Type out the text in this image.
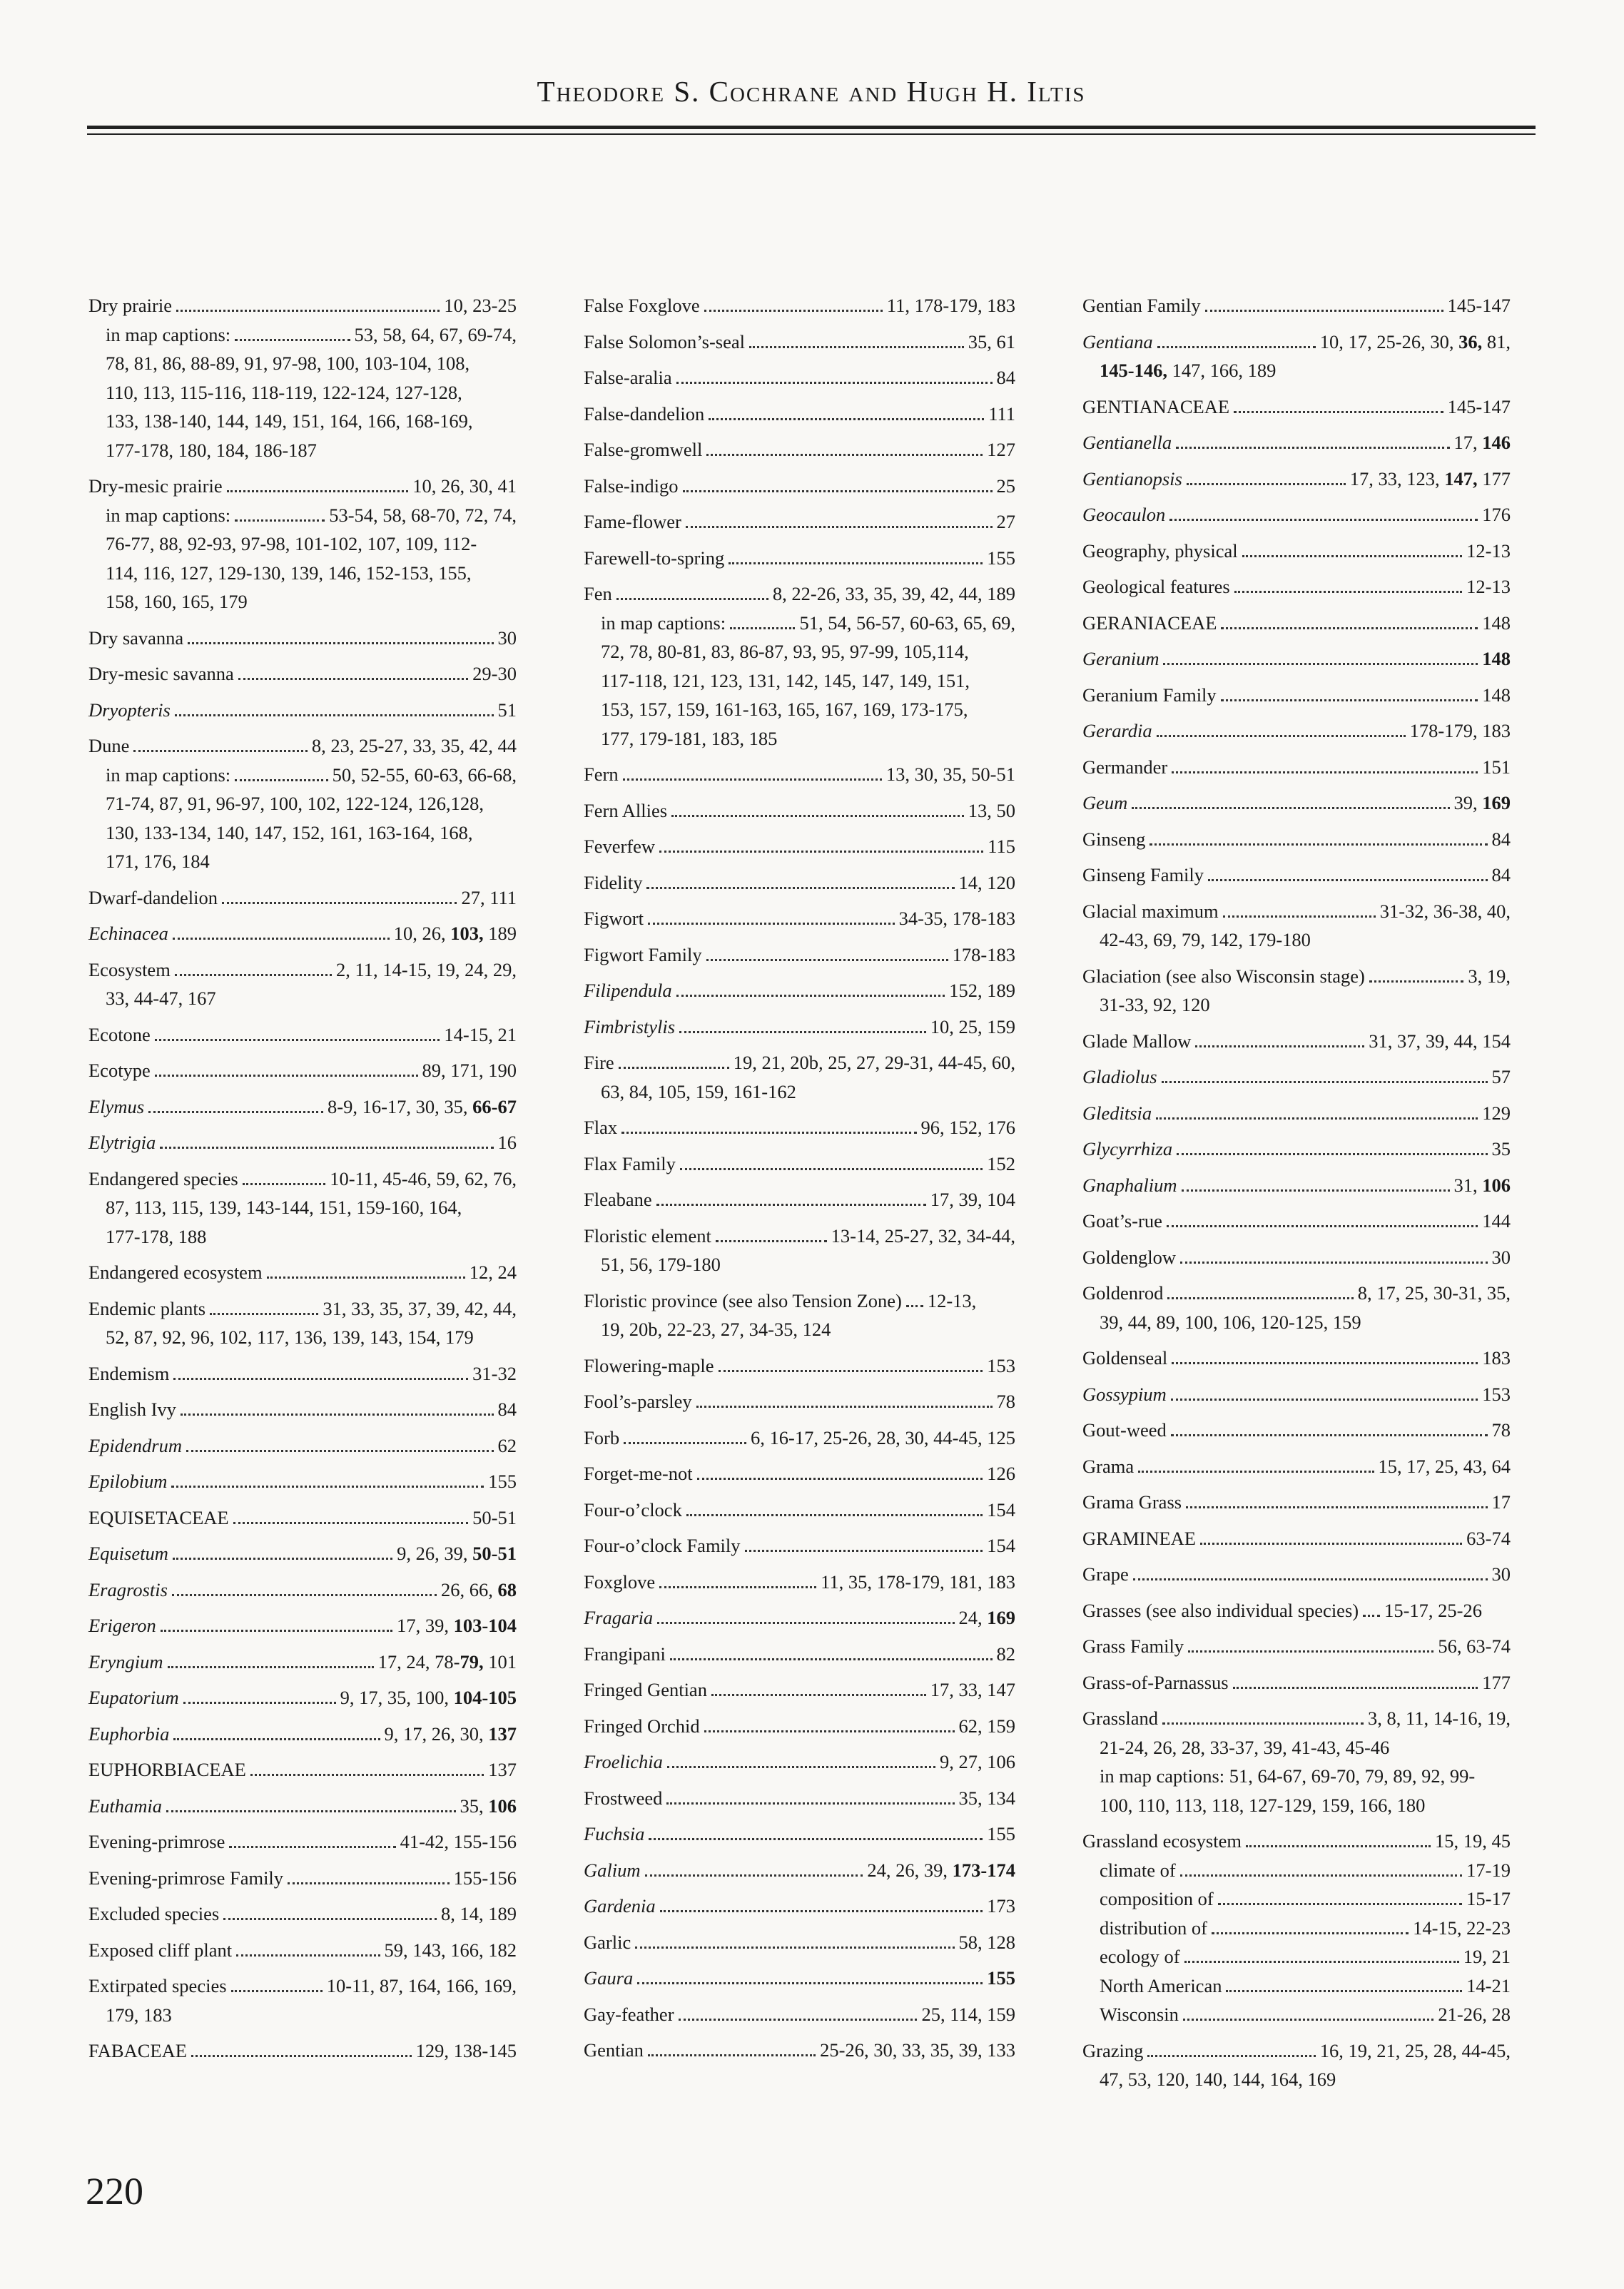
Theodore S. Cochrane and Hugh H. Iltis
Dry prairie	10, 23-25
in map captions:	53, 58, 64, 67, 69-74,
78, 81, 86, 88-89, 91, 97-98, 100, 103-104, 108,
110, 113, 115-116, 118-119, 122-124, 127-128,
133, 138-140, 144, 149, 151, 164, 166, 168-169,
177-178, 180, 184, 186-187
Dry-mesic prairie	10, 26, 30, 41
in map captions:	53-54, 58, 68-70, 72, 74,
76-77, 88, 92-93, 97-98, 101-102, 107, 109, 112-
114, 116, 127, 129-130, 139, 146, 152-153, 155,
158, 160, 165, 179
Dry savanna	30
Dry-mesic savanna	29-30
Dryopteris	51
Dune	8, 23, 25-27, 33, 35, 42, 44
in map captions:	50, 52-55, 60-63, 66-68,
71-74, 87, 91, 96-97, 100, 102, 122-124, 126,128,
130, 133-134, 140, 147, 152, 161, 163-164, 168,
171, 176, 184
Dwarf-dandelion	27, 111
Echinacea	10, 26, 103, 189
Ecosystem	2, 11, 14-15, 19, 24, 29,
33, 44-47, 167
Ecotone	14-15, 21
Ecotype	89, 171, 190
Elymus	8-9, 16-17, 30, 35, 66-67
Elytrigia	16
Endangered species	10-11, 45-46, 59, 62, 76,
87, 113, 115, 139, 143-144, 151, 159-160, 164,
177-178, 188
Endangered ecosystem	12, 24
Endemic plants	31, 33, 35, 37, 39, 42, 44,
52, 87, 92, 96, 102, 117, 136, 139, 143, 154, 179
Endemism	31-32
English Ivy	84
Epidendrum	62
Epilobium	155
EQUISETACEAE	50-51
Equisetum	9, 26, 39, 50-51
Eragrostis	26, 66, 68
Erigeron	17, 39, 103-104
Eryngium	17, 24, 78-79, 101
Eupatorium	9, 17, 35, 100, 104-105
Euphorbia	9, 17, 26, 30, 137
EUPHORBIACEAE	137
Euthamia	35, 106
Evening-primrose	41-42, 155-156
Evening-primrose Family	155-156
Excluded species	8, 14, 189
Exposed cliff plant	59, 143, 166, 182
Extirpated species	10-11, 87, 164, 166, 169,
179, 183
FABACEAE	129, 138-145
False Foxglove	11, 178-179, 183
False Solomon’s-seal	35, 61
False-aralia	84
False-dandelion	111
False-gromwell	127
False-indigo	25
Fame-flower	27
Farewell-to-spring	155
Fen	8, 22-26, 33, 35, 39, 42, 44, 189
in map captions:	51, 54, 56-57, 60-63, 65, 69,
72, 78, 80-81, 83, 86-87, 93, 95, 97-99, 105,114,
117-118, 121, 123, 131, 142, 145, 147, 149, 151,
153, 157, 159, 161-163, 165, 167, 169, 173-175,
177, 179-181, 183, 185
Fern	13, 30, 35, 50-51
Fern Allies	13, 50
Feverfew	115
Fidelity	14, 120
Figwort	34-35, 178-183
Figwort Family	178-183
Filipendula	152, 189
Fimbristylis	10, 25, 159
Fire	19, 21, 20b, 25, 27, 29-31, 44-45, 60,
63, 84, 105, 159, 161-162
Flax	96, 152, 176
Flax Family	152
Fleabane	17, 39, 104
Floristic element	13-14, 25-27, 32, 34-44,
51, 56, 179-180
Floristic province (see also Tension Zone) 12-13,
19, 20b, 22-23, 27, 34-35, 124
Flowering-maple	153
Fool’s-parsley	78
Forb	6, 16-17, 25-26, 28, 30, 44-45, 125
Forget-me-not	126
Four-o’clock	154
Four-o’clock Family	154
Foxglove	11, 35, 178-179, 181, 183
Fragaria	24, 169
Frangipani	82
Fringed Gentian	17, 33, 147
Fringed Orchid	62, 159
Froelichia	9, 27, 106
Frostweed	35, 134
Fuchsia	155
Galium	24, 26, 39, 173-174
Gardenia	173
Garlic	58, 128
Gaura	155
Gay-feather	25, 114, 159
Gentian	25-26, 30, 33, 35, 39, 133
Gentian Family	145-147
Gentiana	10, 17, 25-26, 30, 36, 81,
145-146, 147, 166, 189
GENTIANACEAE	145-147
Gentianella	17, 146
Gentianopsis	17, 33, 123, 147, 177
Geocaulon	176
Geography, physical	12-13
Geological features	12-13
GERANIACEAE	148
Geranium	148
Geranium Family	148
Gerardia	178-179, 183
Germander	151
Geum	39, 169
Ginseng	84
Ginseng Family	84
Glacial maximum	31-32, 36-38, 40,
42-43, 69, 79, 142, 179-180
Glaciation (see also Wisconsin stage)	3, 19,
31-33, 92, 120
Glade Mallow	31, 37, 39, 44, 154
Gladiolus	57
Gleditsia	129
Glycyrrhiza	35
Gnaphalium	31, 106
Goat’s-rue	144
Goldenglow	30
Goldenrod	8, 17, 25, 30-31, 35,
39, 44, 89, 100, 106, 120-125, 159
Goldenseal	183
Gossypium	153
Gout-weed	78
Grama	15, 17, 25, 43, 64
Grama Grass	17
GRAMINEAE	63-74
Grape	30
Grasses (see also individual species) 15-17, 25-26
Grass Family	56, 63-74
Grass-of-Parnassus	177
Grassland	3, 8, 11, 14-16, 19,
21-24, 26, 28, 33-37, 39, 41-43, 45-46
in map captions: 51, 64-67, 69-70, 79, 89, 92, 99-
100, 110, 113, 118, 127-129, 159, 166, 180
Grassland ecosystem	15, 19, 45
climate of	17-19
composition of	15-17
distribution of	14-15, 22-23
ecology of	19, 21
North American	14-21
Wisconsin	21-26, 28
Grazing	16, 19, 21, 25, 28, 44-45,
47, 53, 120, 140, 144, 164, 169
220
